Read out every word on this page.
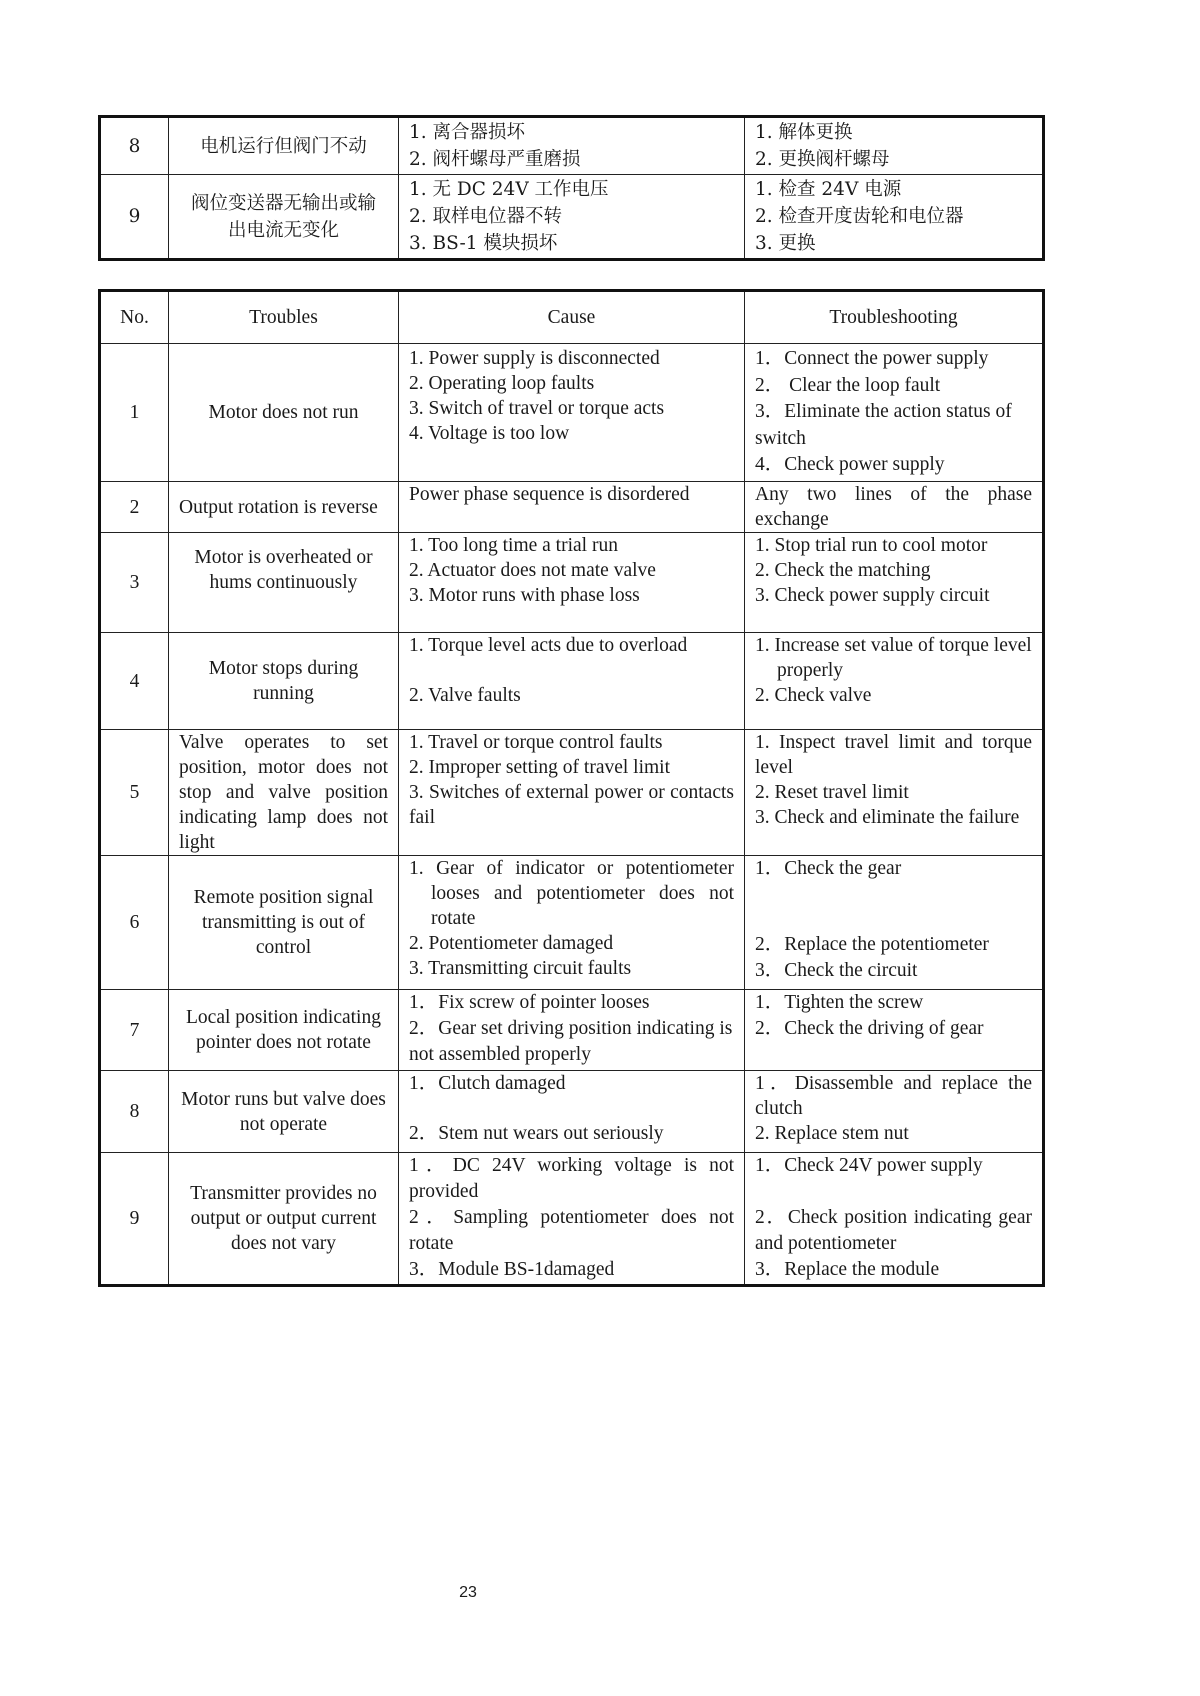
8	电机运行但阀门不动	1. 离合器损坏
2. 阀杆螺母严重磨损	1. 解体更换
2. 更换阀杆螺母

9	阀位变送器无输出或输出电流无变化	1. 无 DC 24V 工作电压
2. 取样电位器不转
3. BS-1 模块损坏	1. 检查 24V 电源
2. 检查开度齿轮和电位器
3. 更换
No.	Troubles	Cause	Troubleshooting
1	Motor does not run	1. Power supply is disconnected
2. Operating loop faults
3. Switch of travel or torque acts
4. Voltage is too low	1．Connect the power supply
2． Clear the loop fault
3．Eliminate the action status of switch
4．Check power supply

2	Output rotation is reverse	Power phase sequence is disordered	Any two lines of the phase exchange
3	Motor is overheated or hums continuously	1. Too long time a trial run
2. Actuator does not mate valve
3. Motor runs with phase loss	1. Stop trial run to cool motor
2. Check the matching
3. Check power supply circuit

4	Motor stops during running	1. Torque level acts due to overload
2. Valve faults	1. Increase set value of torque level properly
2. Check valve

5	Valve operates to set position, motor does not stop and valve position indicating lamp does not light	1. Travel or torque control faults
2. Improper setting of travel limit
3. Switches of external power or contacts fail	1. Inspect travel limit and torque level
2. Reset travel limit
3. Check and eliminate the failure

6	Remote position signal transmitting is out of control	1. Gear of indicator or potentiometer looses and potentiometer does not rotate
2. Potentiometer damaged
3. Transmitting circuit faults	1．Check the gear
2．Replace the potentiometer
3．Check the circuit

7	Local position indicating pointer does not rotate	1．Fix screw of pointer looses
2．Gear set driving position indicating is not assembled properly	1．Tighten the screw
2．Check the driving of gear

8	Motor runs but valve does not operate	1．Clutch damaged
2．Stem nut wears out seriously	1．Disassemble and replace the clutch
2. Replace stem nut

9	Transmitter provides no output or output current does not vary	1．DC 24V working voltage is not provided
2．Sampling potentiometer does not rotate
3．Module BS-1damaged	1．Check 24V power supply
2．Check position indicating gear and potentiometer
3．Replace the module
23
